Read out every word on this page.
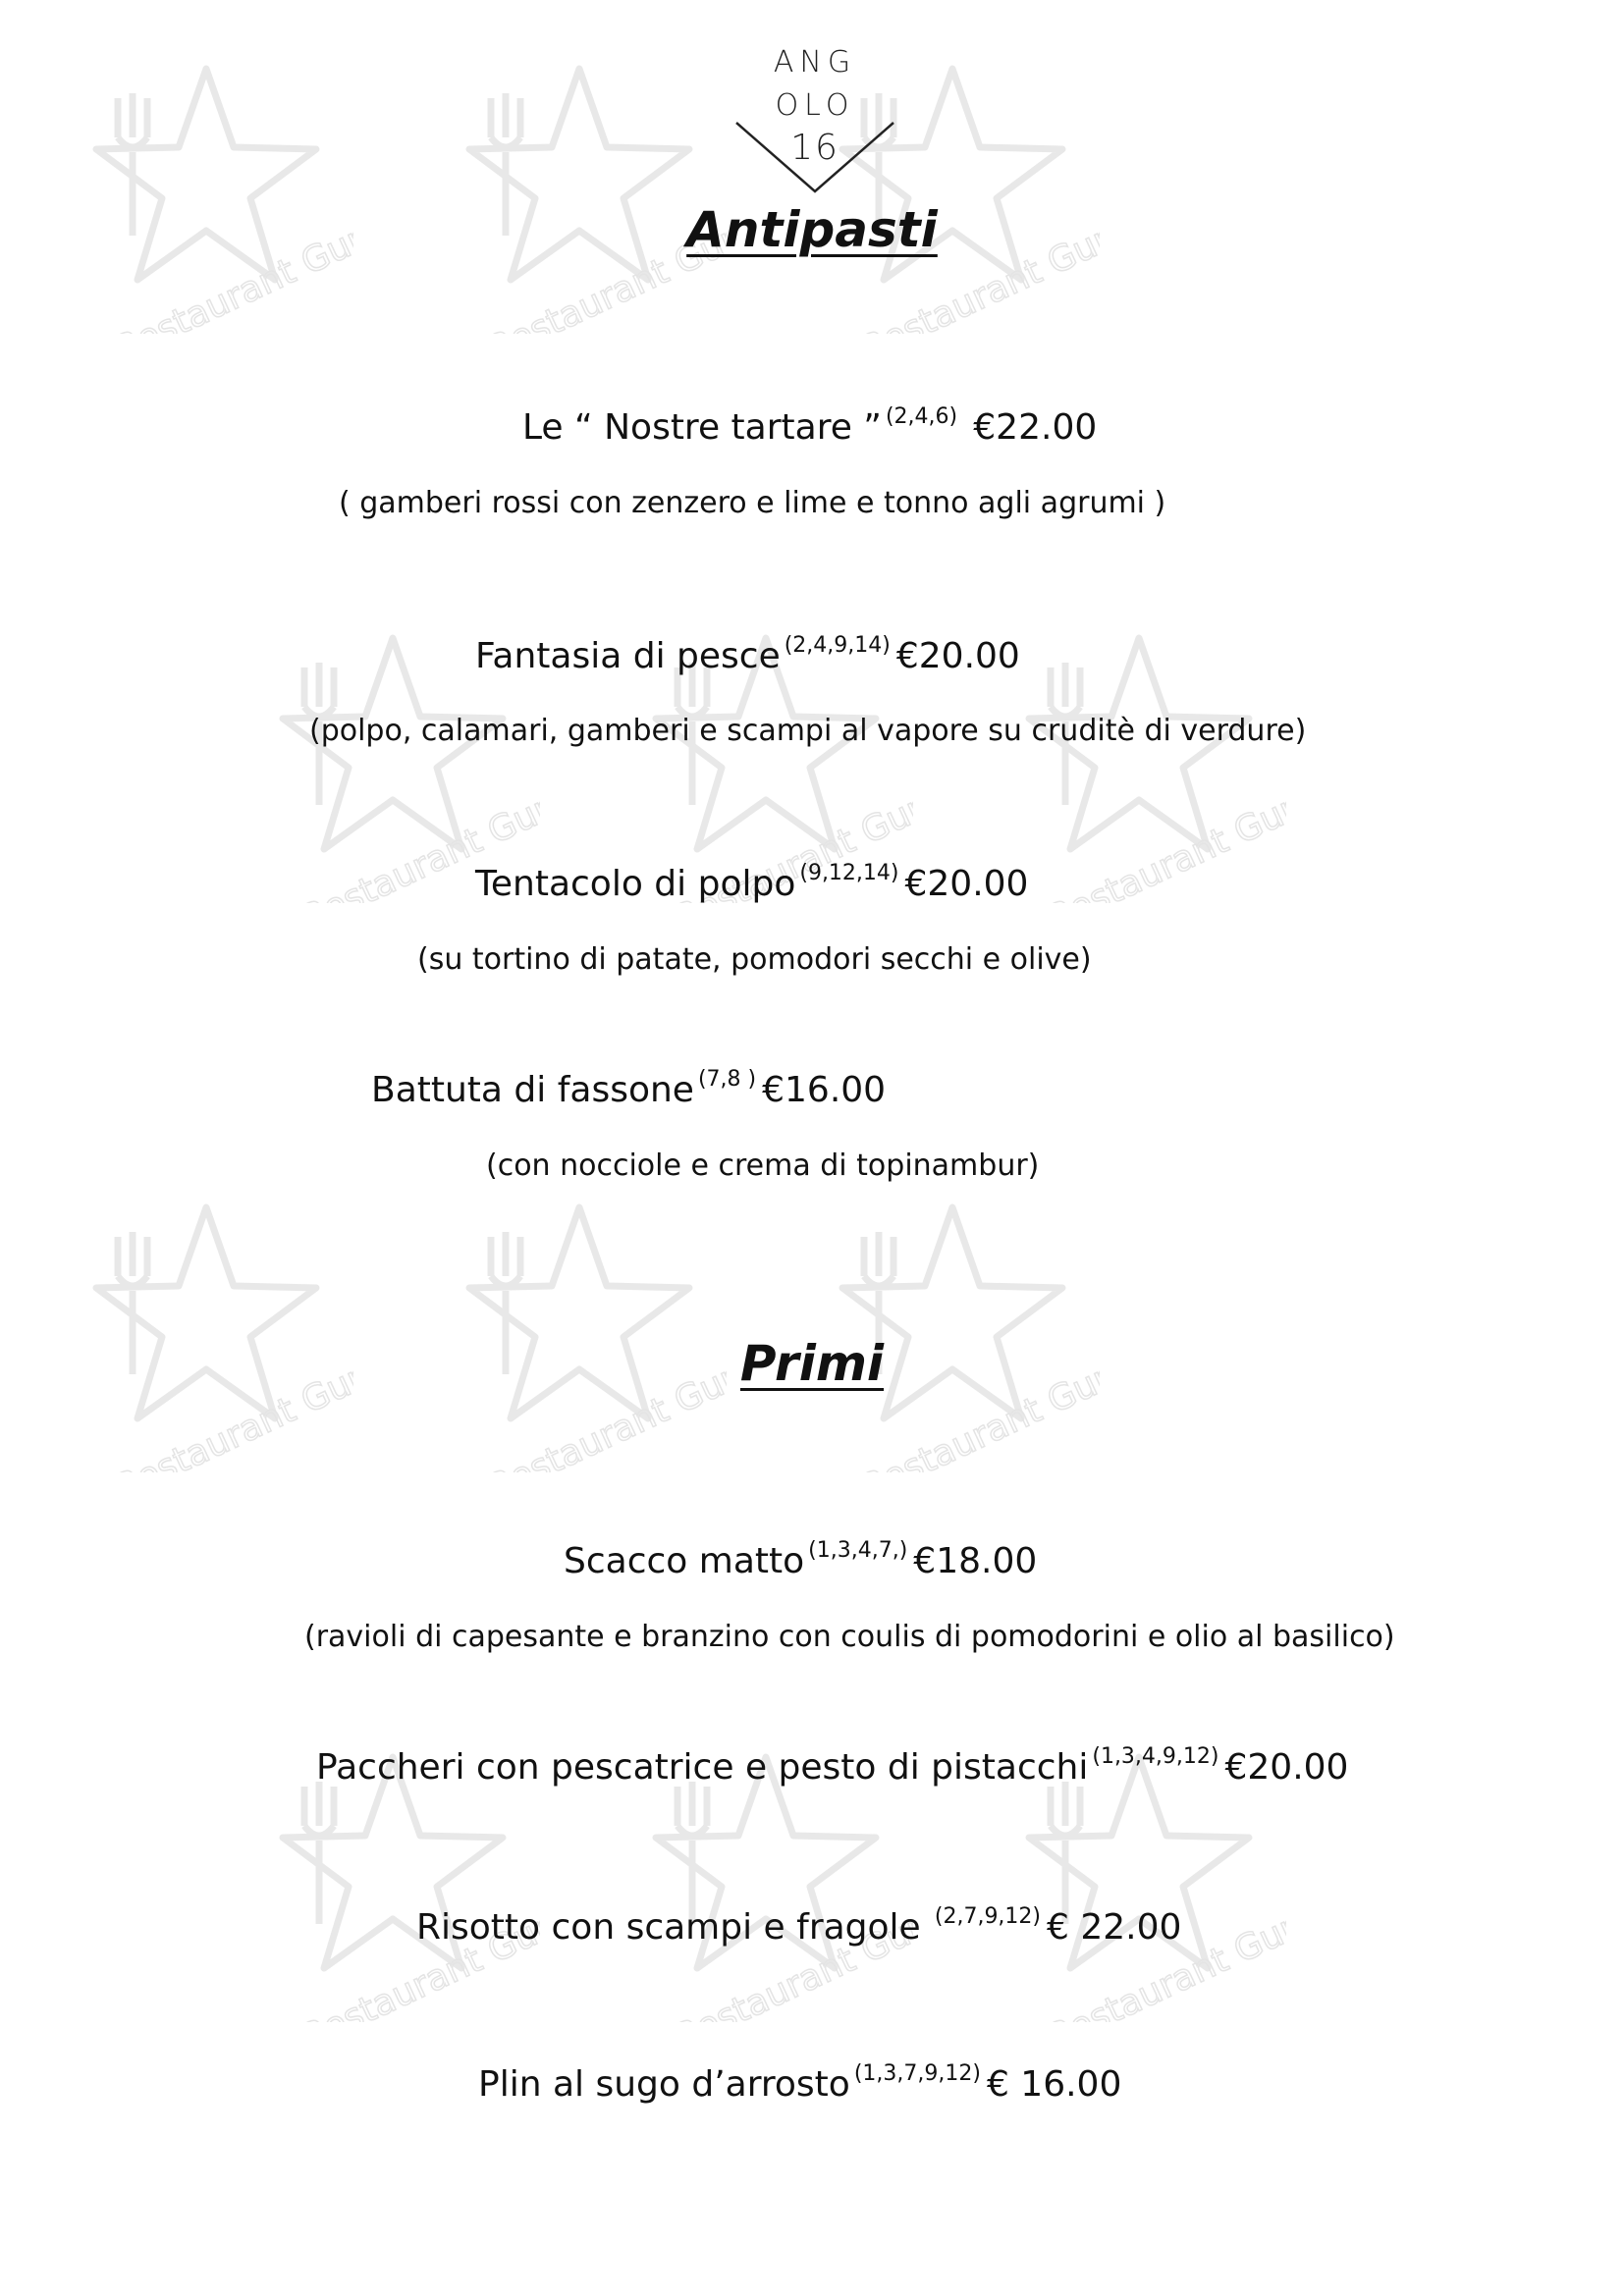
Restaurant Guru
Restaurant Guru
Restaurant Guru
Restaurant Guru
Restaurant Guru
Restaurant Guru
Restaurant Guru
Restaurant Guru
Restaurant Guru
Restaurant Guru
Restaurant Guru
Restaurant Guru
ANG
OLO
16
Antipasti
Le “ Nostre tartare ” (2,4,6) €22.00
( gamberi rossi con zenzero e lime e tonno agli agrumi )
Fantasia di pesce (2,4,9,14) €20.00
(polpo, calamari, gamberi e scampi al vapore su cruditè di verdure)
Tentacolo di polpo (9,12,14) €20.00
(su tortino di patate, pomodori secchi e olive)
Battuta di fassone (7,8 ) €16.00
(con nocciole e crema di topinambur)
Primi
Scacco matto (1,3,4,7,) €18.00
(ravioli di capesante e branzino con coulis di pomodorini e olio al basilico)
Paccheri con pescatrice e pesto di pistacchi (1,3,4,9,12) €20.00
Risotto con scampi e fragole (2,7,9,12) € 22.00
Plin al sugo d’arrosto (1,3,7,9,12) € 16.00
